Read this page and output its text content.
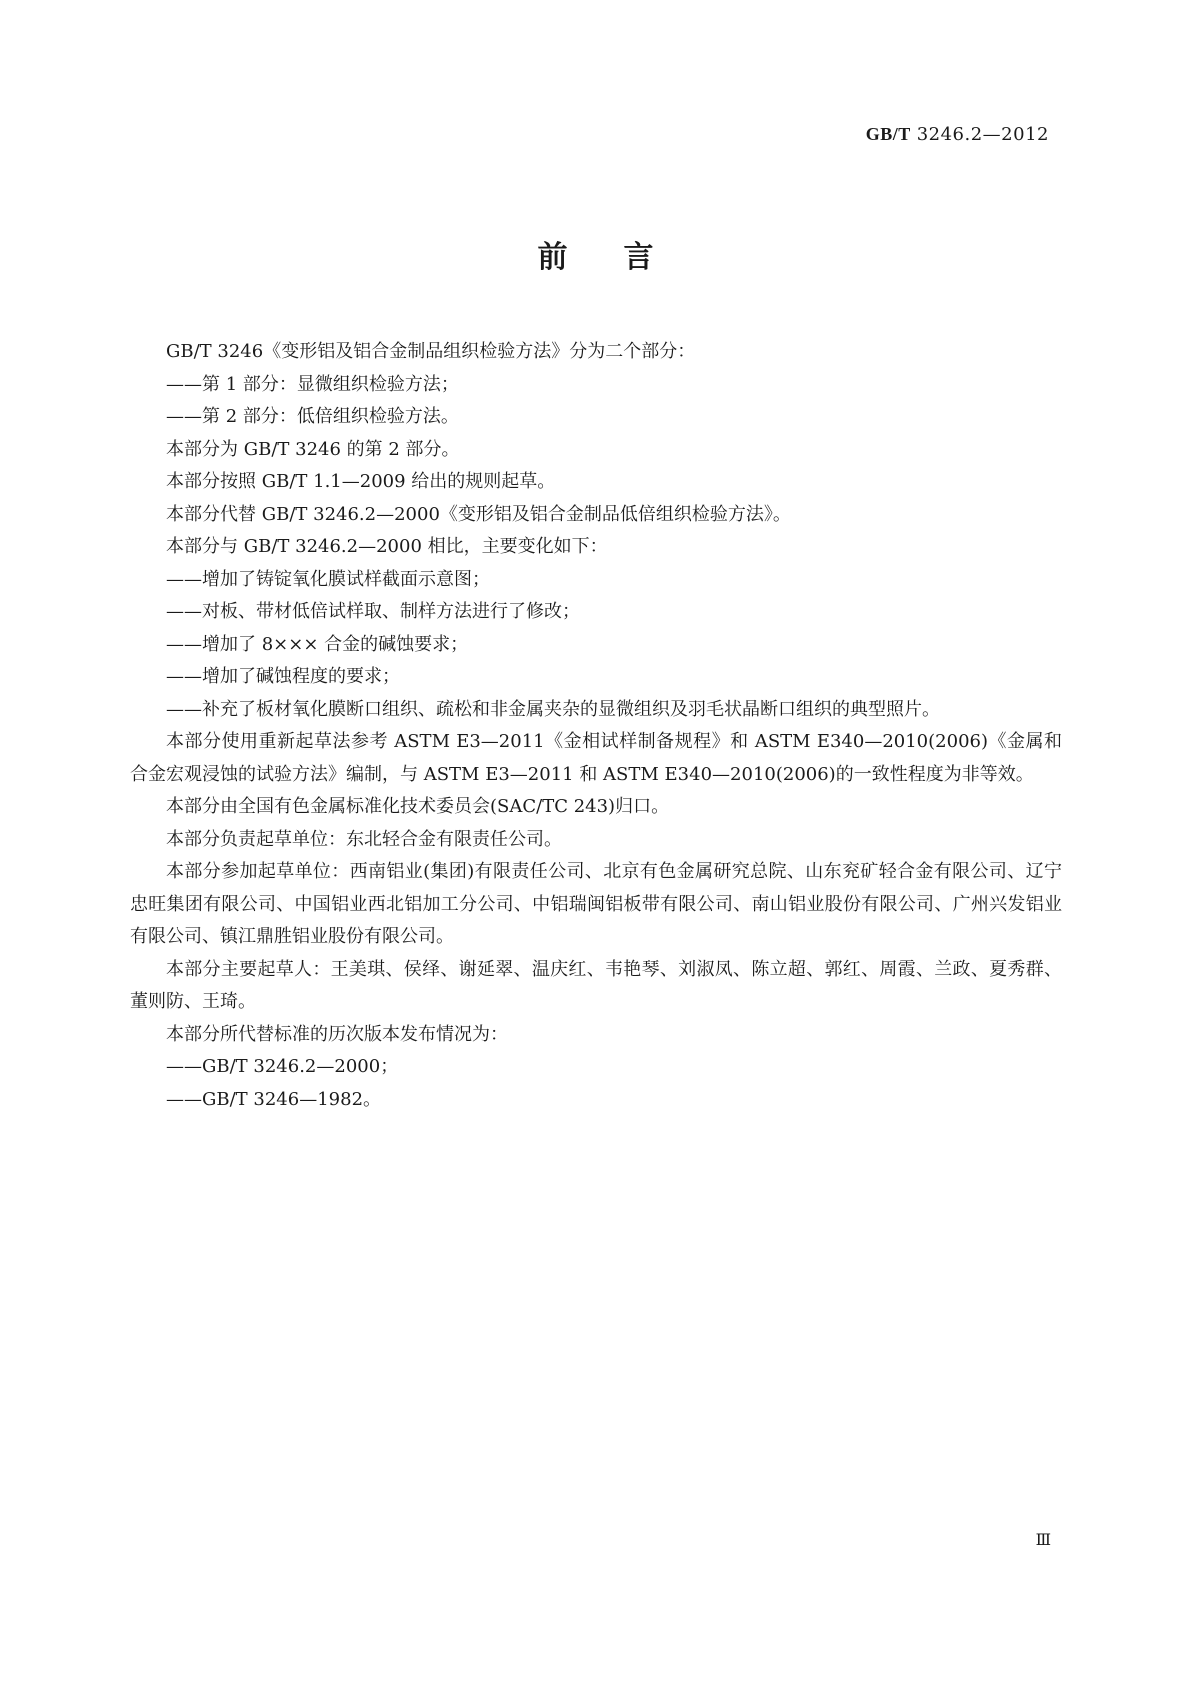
GB/T 3246.2—2012
前言

GB/T 3246《变形铝及铝合金制品组织检验方法》分为二个部分：

——第 1 部分：显微组织检验方法；

——第 2 部分：低倍组织检验方法。

本部分为 GB/T 3246 的第 2 部分。

本部分按照 GB/T 1.1—2009 给出的规则起草。

本部分代替 GB/T 3246.2—2000《变形铝及铝合金制品低倍组织检验方法》。

本部分与 GB/T 3246.2—2000 相比，主要变化如下：

——增加了铸锭氧化膜试样截面示意图；

——对板、带材低倍试样取、制样方法进行了修改；

——增加了 8××× 合金的碱蚀要求；

——增加了碱蚀程度的要求；

——补充了板材氧化膜断口组织、疏松和非金属夹杂的显微组织及羽毛状晶断口组织的典型照片。

本部分使用重新起草法参考 ASTM E3—2011《金相试样制备规程》和 ASTM E340—2010(2006)《金属和合金宏观浸蚀的试验方法》编制，与 ASTM E3—2011 和 ASTM E340—2010(2006)的一致性程度为非等效。

本部分由全国有色金属标准化技术委员会(SAC/TC 243)归口。

本部分负责起草单位：东北轻合金有限责任公司。

本部分参加起草单位：西南铝业(集团)有限责任公司、北京有色金属研究总院、山东兖矿轻合金有限公司、辽宁忠旺集团有限公司、中国铝业西北铝加工分公司、中铝瑞闽铝板带有限公司、南山铝业股份有限公司、广州兴发铝业有限公司、镇江鼎胜铝业股份有限公司。

本部分主要起草人：王美琪、侯绎、谢延翠、温庆红、韦艳琴、刘淑凤、陈立超、郭红、周霞、兰政、夏秀群、董则防、王琦。

本部分所代替标准的历次版本发布情况为：

——GB/T 3246.2—2000；

——GB/T 3246—1982。

Ⅲ
